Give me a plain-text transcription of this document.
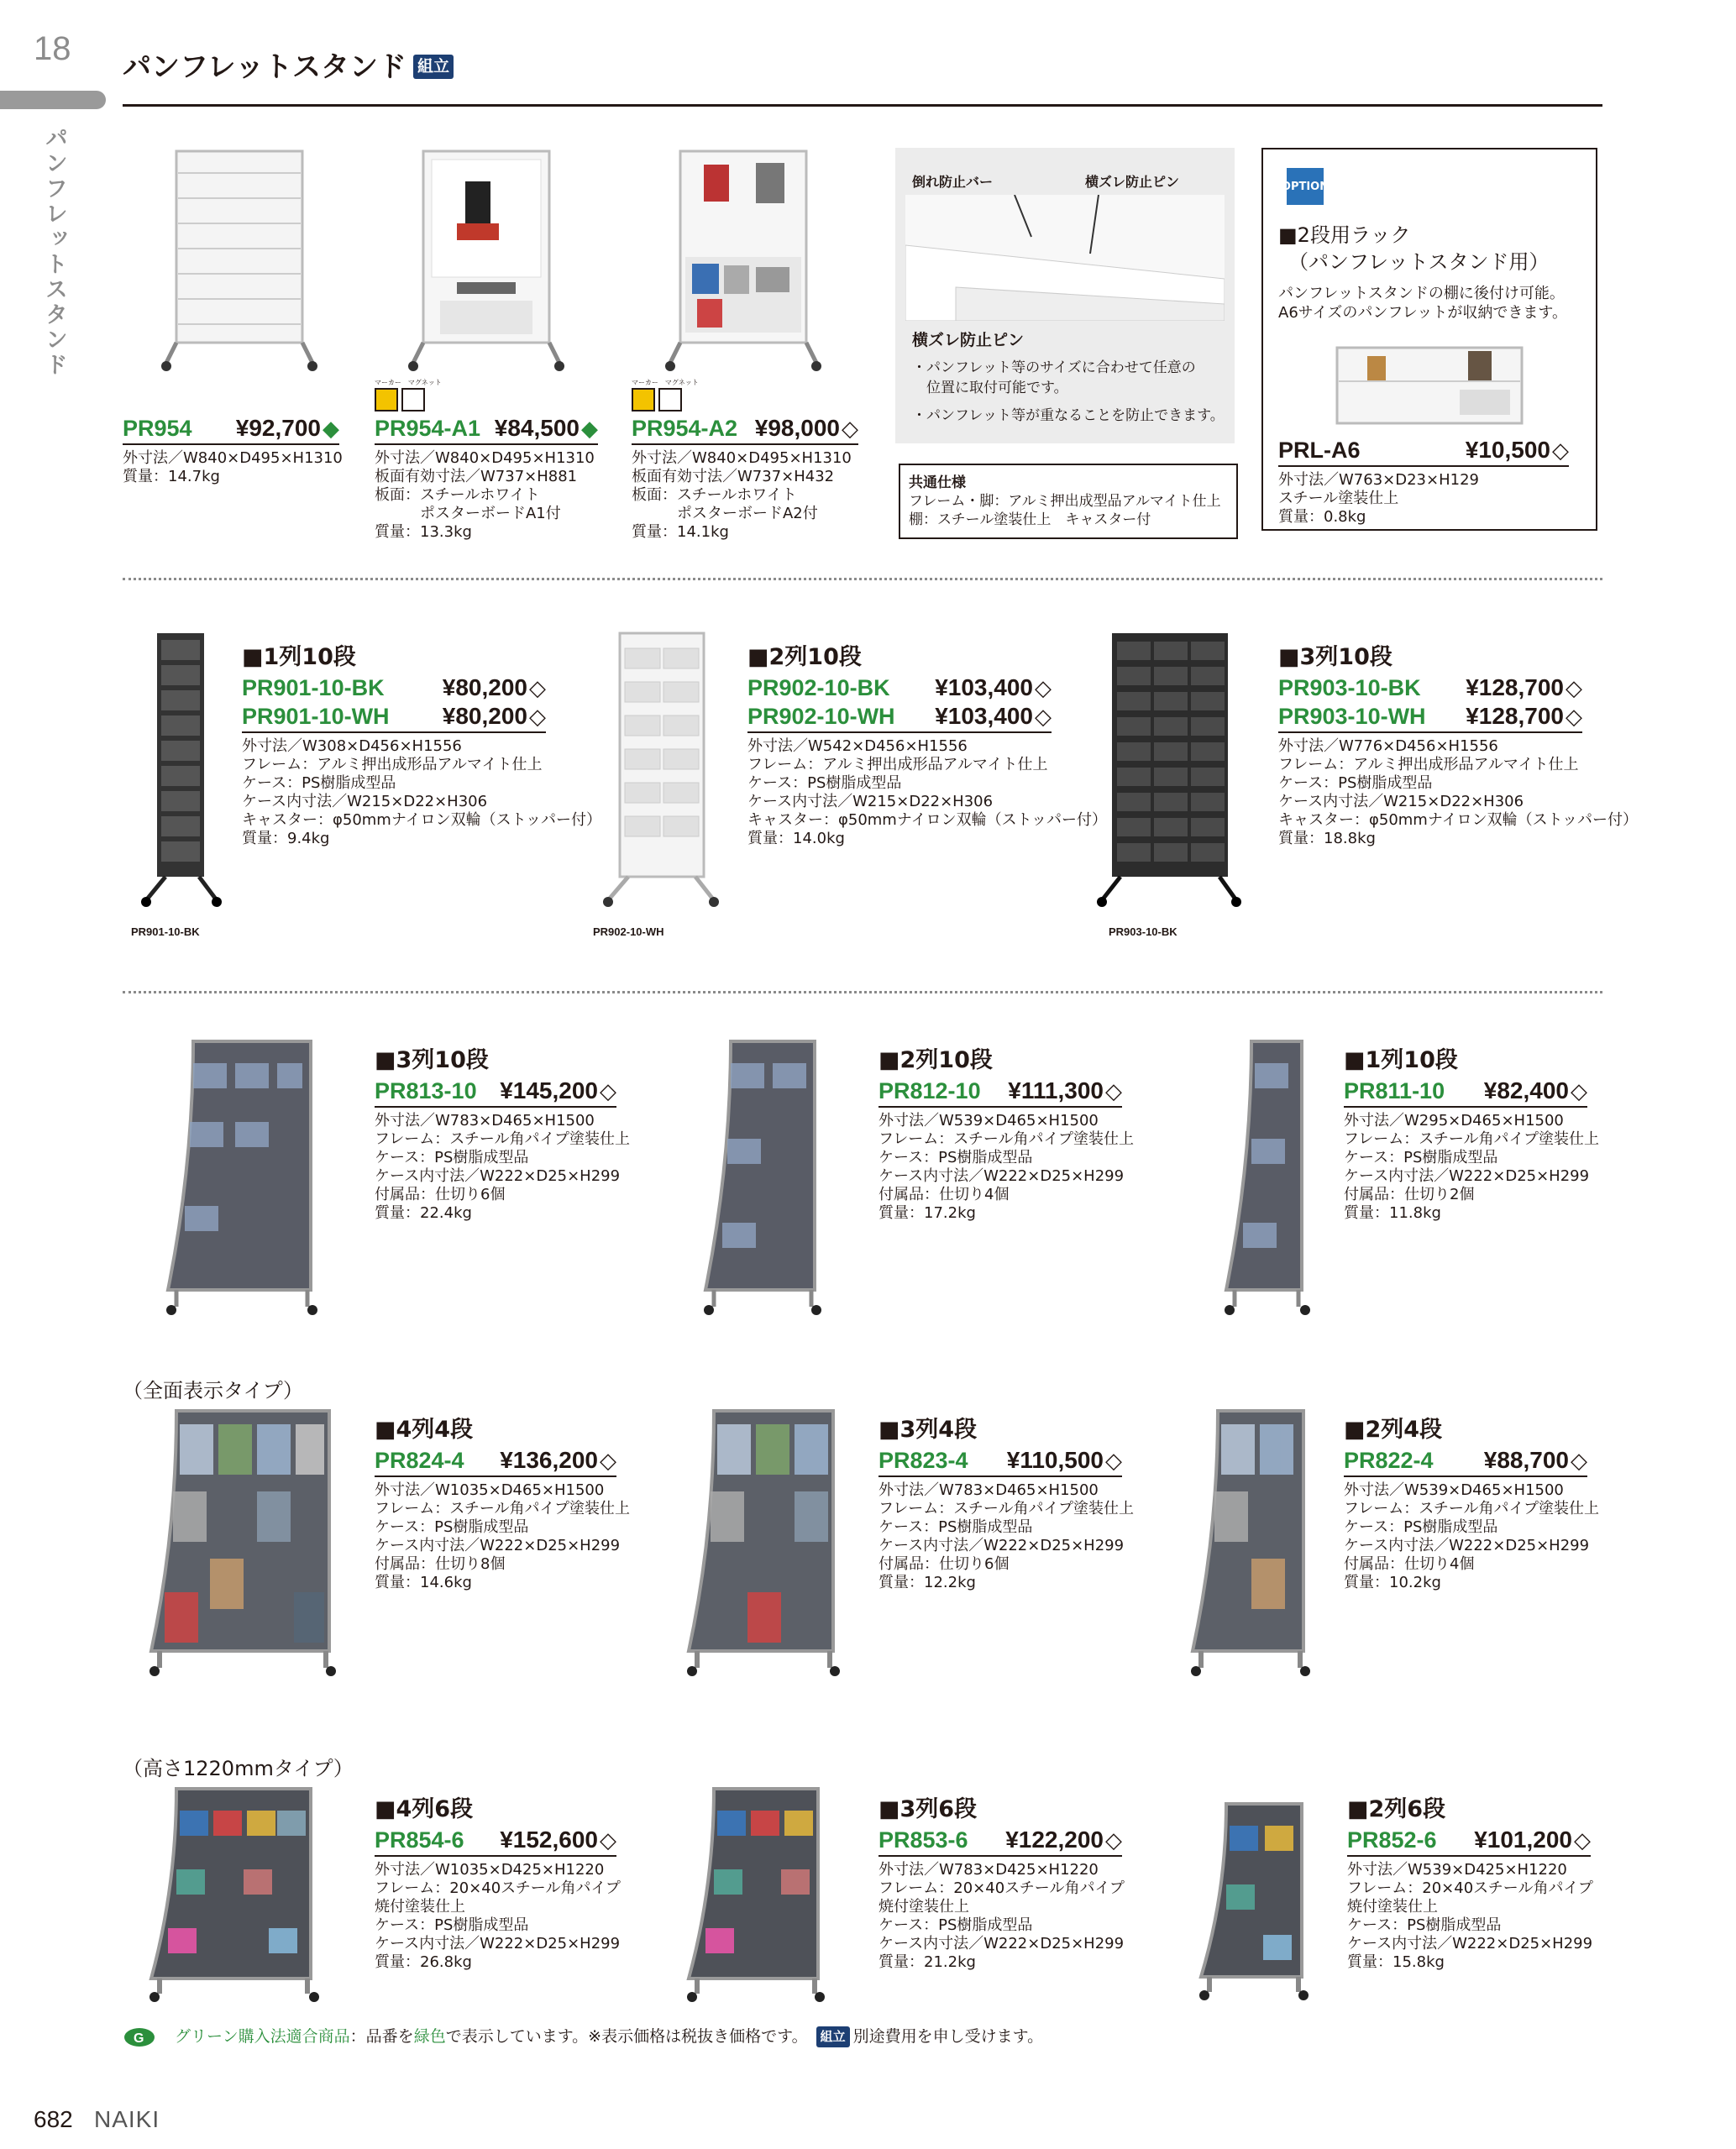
18
パンフレットスタンド
パンフレットスタンド 組立
PR954 ¥92,700 ◆
外寸法／W840×D495×H1310
質量：14.7kg
マーカー　マグネット
PR954-A1 ¥84,500 ◆
外寸法／W840×D495×H1310
板面有効寸法／W737×H881
板面：スチールホワイト
　　　ポスターボードA1付
質量：13.3kg
マーカー　マグネット
PR954-A2 ¥98,000 ◇
外寸法／W840×D495×H1310
板面有効寸法／W737×H432
板面：スチールホワイト
　　　ポスターボードA2付
質量：14.1kg
倒れ防止バー	横ズレ防止ピン
横ズレ防止ピン
・パンフレット等のサイズに合わせて任意の
　位置に取付可能です。
・パンフレット等が重なることを防止できます。
共通仕様
フレーム・脚：アルミ押出成型品アルマイト仕上
棚：スチール塗装仕上　キャスター付
OPTION
■2段用ラック
　（パンフレットスタンド用）
パンフレットスタンドの棚に後付け可能。
A6サイズのパンフレットが収納できます。
PRL-A6	¥10,500 ◇
外寸法／W763×D23×H129
スチール塗装仕上
質量：0.8kg
PR901-10-BK	PR902-10-WH	PR903-10-BK
■1列10段
PR901-10-BK ¥80,200 ◇
PR901-10-WH ¥80,200 ◇
外寸法／W308×D456×H1556
フレーム：アルミ押出成形品アルマイト仕上
ケース：PS樹脂成型品
ケース内寸法／W215×D22×H306
キャスター：φ50mmナイロン双輪（ストッパー付）
質量：9.4kg
■2列10段
PR902-10-BK ¥103,400 ◇
PR902-10-WH ¥103,400 ◇
外寸法／W542×D456×H1556
フレーム：アルミ押出成形品アルマイト仕上
ケース：PS樹脂成型品
ケース内寸法／W215×D22×H306
キャスター：φ50mmナイロン双輪（ストッパー付）
質量：14.0kg
■3列10段
PR903-10-BK ¥128,700 ◇
PR903-10-WH ¥128,700 ◇
外寸法／W776×D456×H1556
フレーム：アルミ押出成形品アルマイト仕上
ケース：PS樹脂成型品
ケース内寸法／W215×D22×H306
キャスター：φ50mmナイロン双輪（ストッパー付）
質量：18.8kg
■3列10段
PR813-10 ¥145,200 ◇
外寸法／W783×D465×H1500
フレーム：スチール角パイプ塗装仕上
ケース：PS樹脂成型品
ケース内寸法／W222×D25×H299
付属品：仕切り6個
質量：22.4kg
■2列10段
PR812-10 ¥111,300 ◇
外寸法／W539×D465×H1500
フレーム：スチール角パイプ塗装仕上
ケース：PS樹脂成型品
ケース内寸法／W222×D25×H299
付属品：仕切り4個
質量：17.2kg
■1列10段
PR811-10 ¥82,400 ◇
外寸法／W295×D465×H1500
フレーム：スチール角パイプ塗装仕上
ケース：PS樹脂成型品
ケース内寸法／W222×D25×H299
付属品：仕切り2個
質量：11.8kg
（全面表示タイプ）
■4列4段
PR824-4 ¥136,200 ◇
外寸法／W1035×D465×H1500
フレーム：スチール角パイプ塗装仕上
ケース：PS樹脂成型品
ケース内寸法／W222×D25×H299
付属品：仕切り8個
質量：14.6kg
■3列4段
PR823-4 ¥110,500 ◇
外寸法／W783×D465×H1500
フレーム：スチール角パイプ塗装仕上
ケース：PS樹脂成型品
ケース内寸法／W222×D25×H299
付属品：仕切り6個
質量：12.2kg
■2列4段
PR822-4 ¥88,700 ◇
外寸法／W539×D465×H1500
フレーム：スチール角パイプ塗装仕上
ケース：PS樹脂成型品
ケース内寸法／W222×D25×H299
付属品：仕切り4個
質量：10.2kg
（高さ1220mmタイプ）
■4列6段
PR854-6 ¥152,600 ◇
外寸法／W1035×D425×H1220
フレーム：20×40スチール角パイプ
焼付塗装仕上
ケース：PS樹脂成型品
ケース内寸法／W222×D25×H299
質量：26.8kg
■3列6段
PR853-6 ¥122,200 ◇
外寸法／W783×D425×H1220
フレーム：20×40スチール角パイプ
焼付塗装仕上
ケース：PS樹脂成型品
ケース内寸法／W222×D25×H299
質量：21.2kg
■2列6段
PR852-6 ¥101,200 ◇
外寸法／W539×D425×H1220
フレーム：20×40スチール角パイプ
焼付塗装仕上
ケース：PS樹脂成型品
ケース内寸法／W222×D25×H299
質量：15.8kg
G グリーン購入法適合商品：品番を緑色で表示しています。※表示価格は税抜き価格です。 組立 別途費用を申し受けます。
682 NAIKI
